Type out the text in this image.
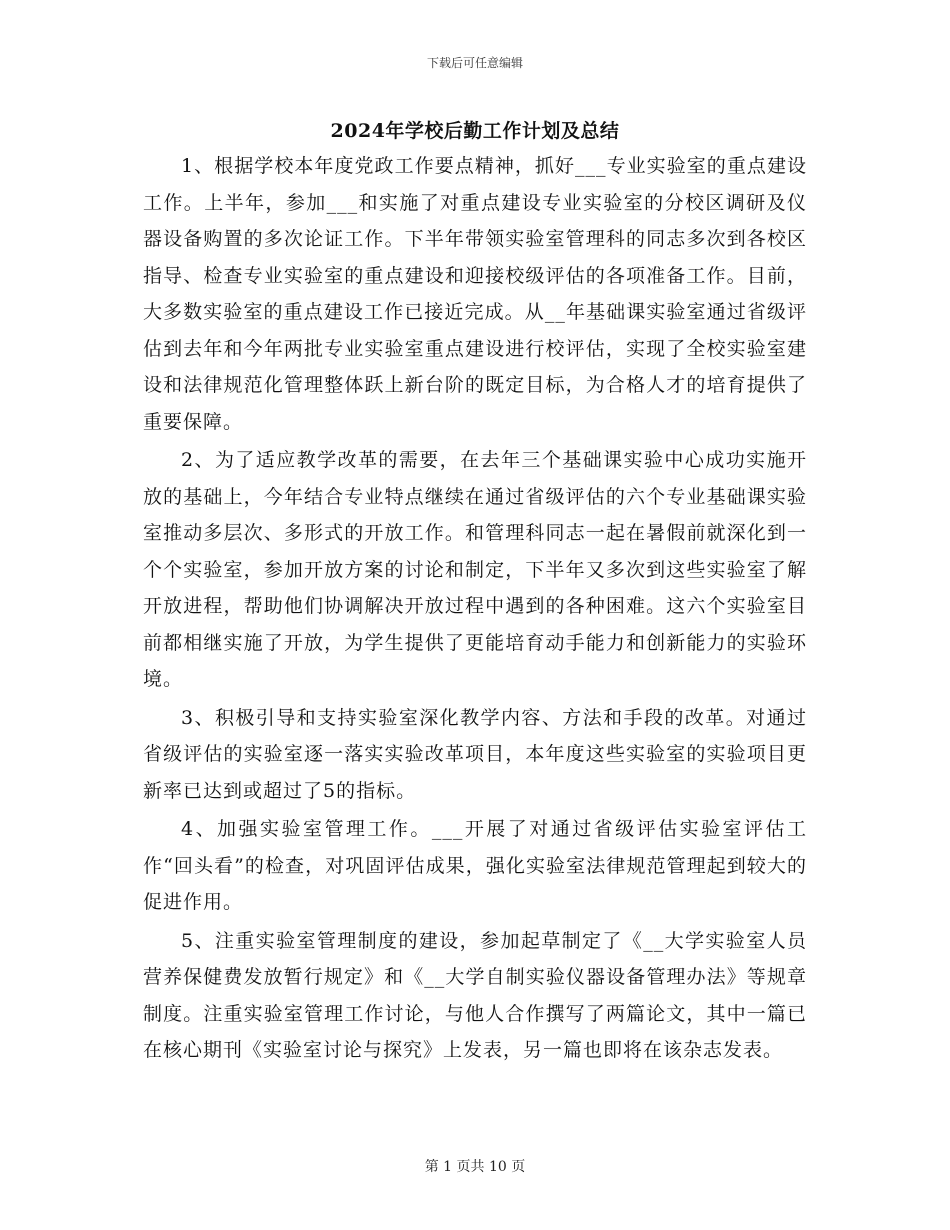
下载后可任意编辑
2024年学校后勤工作计划及总结

1、根据学校本年度党政工作要点精神，抓好___专业实验室的重点建设工作。上半年，参加___和实施了对重点建设专业实验室的分校区调研及仪器设备购置的多次论证工作。下半年带领实验室管理科的同志多次到各校区指导、检查专业实验室的重点建设和迎接校级评估的各项准备工作。目前，大多数实验室的重点建设工作已接近完成。从__年基础课实验室通过省级评估到去年和今年两批专业实验室重点建设进行校评估，实现了全校实验室建设和法律规范化管理整体跃上新台阶的既定目标，为合格人才的培育提供了重要保障。

2、为了适应教学改革的需要，在去年三个基础课实验中心成功实施开放的基础上，今年结合专业特点继续在通过省级评估的六个专业基础课实验室推动多层次、多形式的开放工作。和管理科同志一起在暑假前就深化到一个个实验室，参加开放方案的讨论和制定，下半年又多次到这些实验室了解开放进程，帮助他们协调解决开放过程中遇到的各种困难。这六个实验室目前都相继实施了开放，为学生提供了更能培育动手能力和创新能力的实验环境。

3、积极引导和支持实验室深化教学内容、方法和手段的改革。对通过省级评估的实验室逐一落实实验改革项目，本年度这些实验室的实验项目更新率已达到或超过了5的指标。

4、加强实验室管理工作。___开展了对通过省级评估实验室评估工作“回头看”的检查，对巩固评估成果，强化实验室法律规范管理起到较大的促进作用。

5、注重实验室管理制度的建设，参加起草制定了《__大学实验室人员营养保健费发放暂行规定》和《__大学自制实验仪器设备管理办法》等规章制度。注重实验室管理工作讨论，与他人合作撰写了两篇论文，其中一篇已在核心期刊《实验室讨论与探究》上发表，另一篇也即将在该杂志发表。

第 1 页共 10 页
